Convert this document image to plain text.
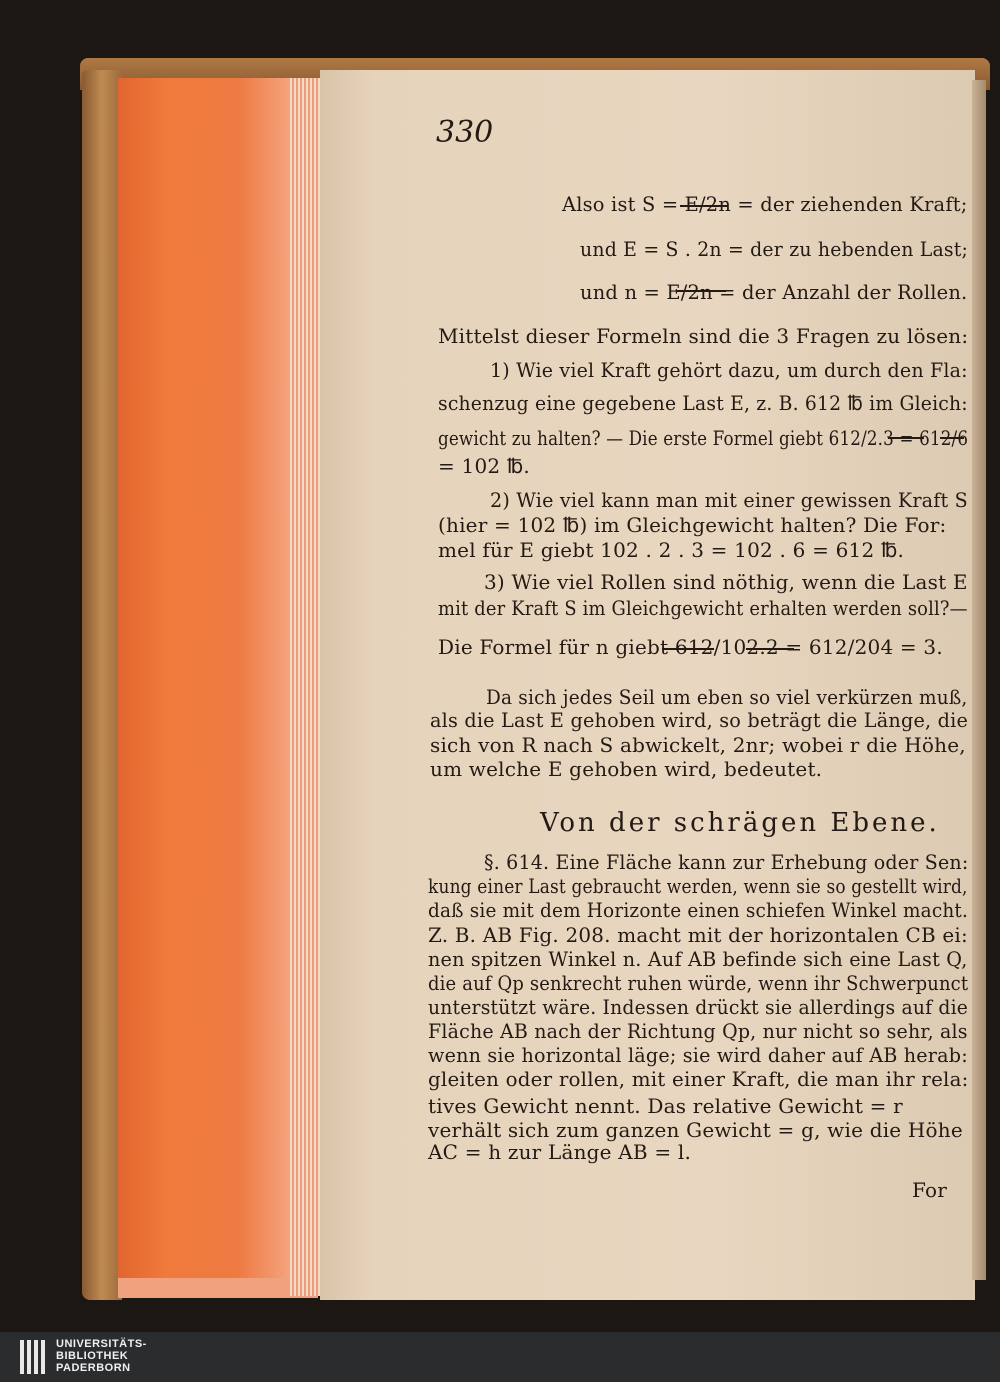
330
Also ist S = E/2n = der ziehenden Kraft;
und E = S . 2n = der zu hebenden Last;
und n = E/2n = der Anzahl der Rollen.
Mittelst dieser Formeln sind die 3 Fragen zu lösen:
1) Wie viel Kraft gehört dazu, um durch den Fla:
schenzug eine gegebene Last E, z. B. 612 ℔ im Gleich:
gewicht zu halten? — Die erste Formel giebt 612/2.3 = 612/6
= 102 ℔.
2) Wie viel kann man mit einer gewissen Kraft S
(hier = 102 ℔) im Gleichgewicht halten? Die For:
mel für E giebt 102 . 2 . 3 = 102 . 6 = 612 ℔.
3) Wie viel Rollen sind nöthig, wenn die Last E
mit der Kraft S im Gleichgewicht erhalten werden soll?—
Die Formel für n giebt 612/102.2 = 612/204 = 3.
Da sich jedes Seil um eben so viel verkürzen muß,
als die Last E gehoben wird, so beträgt die Länge, die
sich von R nach S abwickelt, 2nr; wobei r die Höhe,
um welche E gehoben wird, bedeutet.
Von der schrägen Ebene.
§. 614. Eine Fläche kann zur Erhebung oder Sen:
kung einer Last gebraucht werden, wenn sie so gestellt wird,
daß sie mit dem Horizonte einen schiefen Winkel macht.
Z. B. AB Fig. 208. macht mit der horizontalen CB ei:
nen spitzen Winkel n. Auf AB befinde sich eine Last Q,
die auf Qp senkrecht ruhen würde, wenn ihr Schwerpunct
unterstützt wäre. Indessen drückt sie allerdings auf die
Fläche AB nach der Richtung Qp, nur nicht so sehr, als
wenn sie horizontal läge; sie wird daher auf AB herab:
gleiten oder rollen, mit einer Kraft, die man ihr rela:
tives Gewicht nennt. Das relative Gewicht = r
verhält sich zum ganzen Gewicht = g, wie die Höhe
AC = h zur Länge AB = l.
For
UNIVERSITÄTS-
BIBLIOTHEK
PADERBORN
